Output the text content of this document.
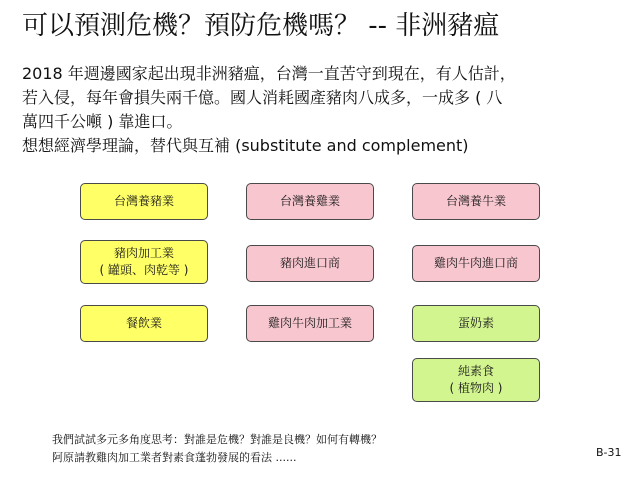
可以預測危機？預防危機嗎？ -- 非洲豬瘟
2018 年週邊國家起出現非洲豬瘟，台灣一直苦守到現在，有人估計，
若入侵，每年會損失兩千億。國人消耗國產豬肉八成多，一成多 ( 八
萬四千公噸 ) 靠進口。
想想經濟學理論，替代與互補 (substitute and complement)
台灣養豬業	台灣養雞業	台灣養牛業
豬肉加工業
( 罐頭、肉乾等 )	豬肉進口商	雞肉牛肉進口商
餐飲業	雞肉牛肉加工業	蛋奶素
純素食
( 植物肉 )
我們試試多元多角度思考：對誰是危機？對誰是良機？如何有轉機？
阿原請教雞肉加工業者對素食蓬勃發展的看法 ......	B-31
